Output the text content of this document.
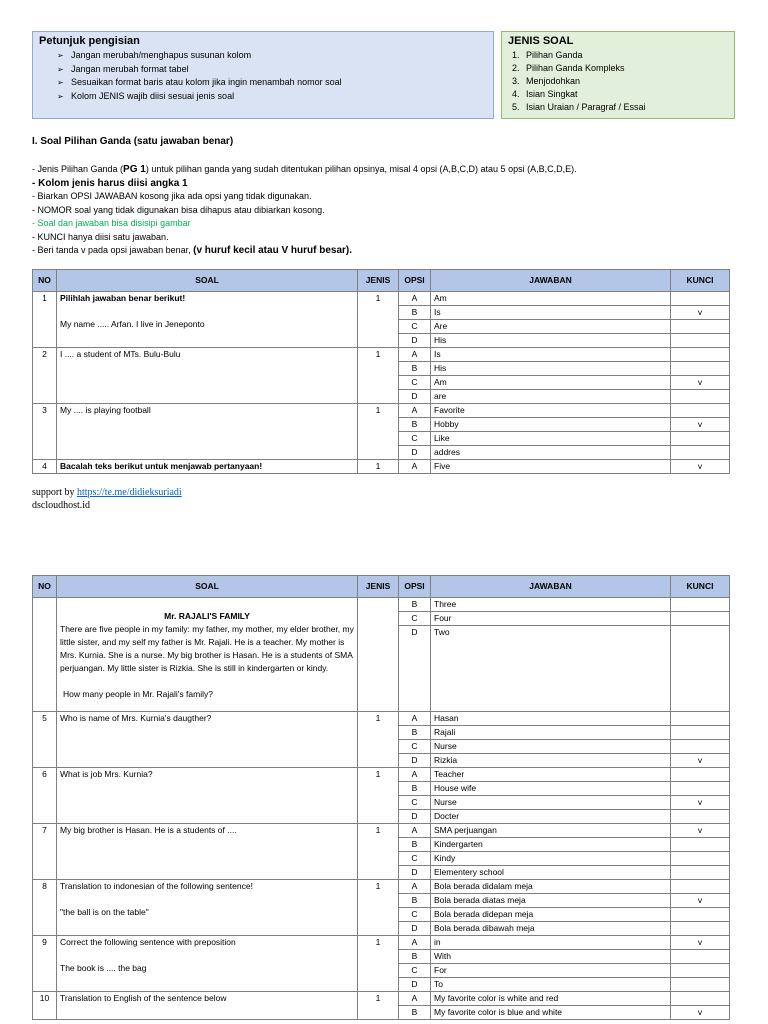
Petunjuk pengisian
➢ Jangan merubah/menghapus susunan kolom
➢ Jangan merubah format tabel
➢ Sesuaikan format baris atau kolom jika ingin menambah nomor soal
➢ Kolom JENIS wajib diisi sesuai jenis soal
JENIS SOAL
1. Pilihan Ganda
2. Pilihan Ganda Kompleks
3. Menjodohkan
4. Isian Singkat
5. Isian Uraian / Paragraf / Essai
I. Soal Pilihan Ganda (satu jawaban benar)
- Jenis Pilihan Ganda (PG 1) untuk pilihan ganda yang sudah ditentukan pilihan opsinya, misal 4 opsi (A,B,C,D) atau 5 opsi (A,B,C,D,E).
- Kolom jenis harus diisi angka 1
- Biarkan OPSI JAWABAN kosong jika ada opsi yang tidak digunakan.
- NOMOR soal yang tidak digunakan bisa dihapus atau dibiarkan kosong.
- Soal dan jawaban bisa disisipi gambar
- KUNCI hanya diisi satu jawaban.
- Beri tanda v pada opsi jawaban benar, (v huruf kecil atau V huruf besar).
NO	SOAL	JENIS	OPSI	JAWABAN	KUNCI
1	Pilihlah jawaban benar berikut!

My name ..... Arfan. I live in Jeneponto	1	A	Am	
			B	Is	v
			C	Are	
			D	His	
2	I .... a student of MTs. Bulu-Bulu	1	A	Is	
			B	His	
			C	Am	v
			D	are	
3	My .... is playing football	1	A	Favorite	
			B	Hobby	v
			C	Like	
			D	addres	
4	Bacalah teks berikut untuk menjawab pertanyaan!	1	A	Five	v
support by https://te.me/didieksuriadi
dscloudhost.id
NO	SOAL	JENIS	OPSI	JAWABAN	KUNCI

	Mr. RAJALI'S FAMILY
There are five people in my family: my father, my mother, my elder brother, my little sister, and my self my father is Mr. Rajali. He is a teacher. My mother is Mrs. Kurnia. She is a nurse. My big brother is Hasan. He is a students of SMA perjuangan. My little sister is Rizkia. She is still in kindergarten or kindy.
How many people in Mr. Rajali's family?		B	Three	
			C	Four	
			D	Two	
5	Who is name of Mrs. Kurnia's daugther?	1	A	Hasan	
			B	Rajali	
			C	Nurse	
			D	Rizkia	v
6	What is job Mrs. Kurnia?	1	A	Teacher	
			B	House wife	
			C	Nurse	v
			D	Docter	
7	My big brother is Hasan. He is a students of ....	1	A	SMA perjuangan	v
			B	Kindergarten	
			C	Kindy	
			D	Elementery school	
8	Translation to indonesian of the following sentence!

"the ball is on the table"	1	A	Bola berada didalam meja	
			B	Bola berada diatas meja	v
			C	Bola berada didepan meja	
			D	Bola berada dibawah meja	
9	Correct the following sentence with preposition

The book is .... the bag	1	A	in	v
			B	With	
			C	For	
			D	To	
10	Translation to English of the sentence below	1	A	My favorite color is white and red	
			B	My favorite color is blue and white	v
